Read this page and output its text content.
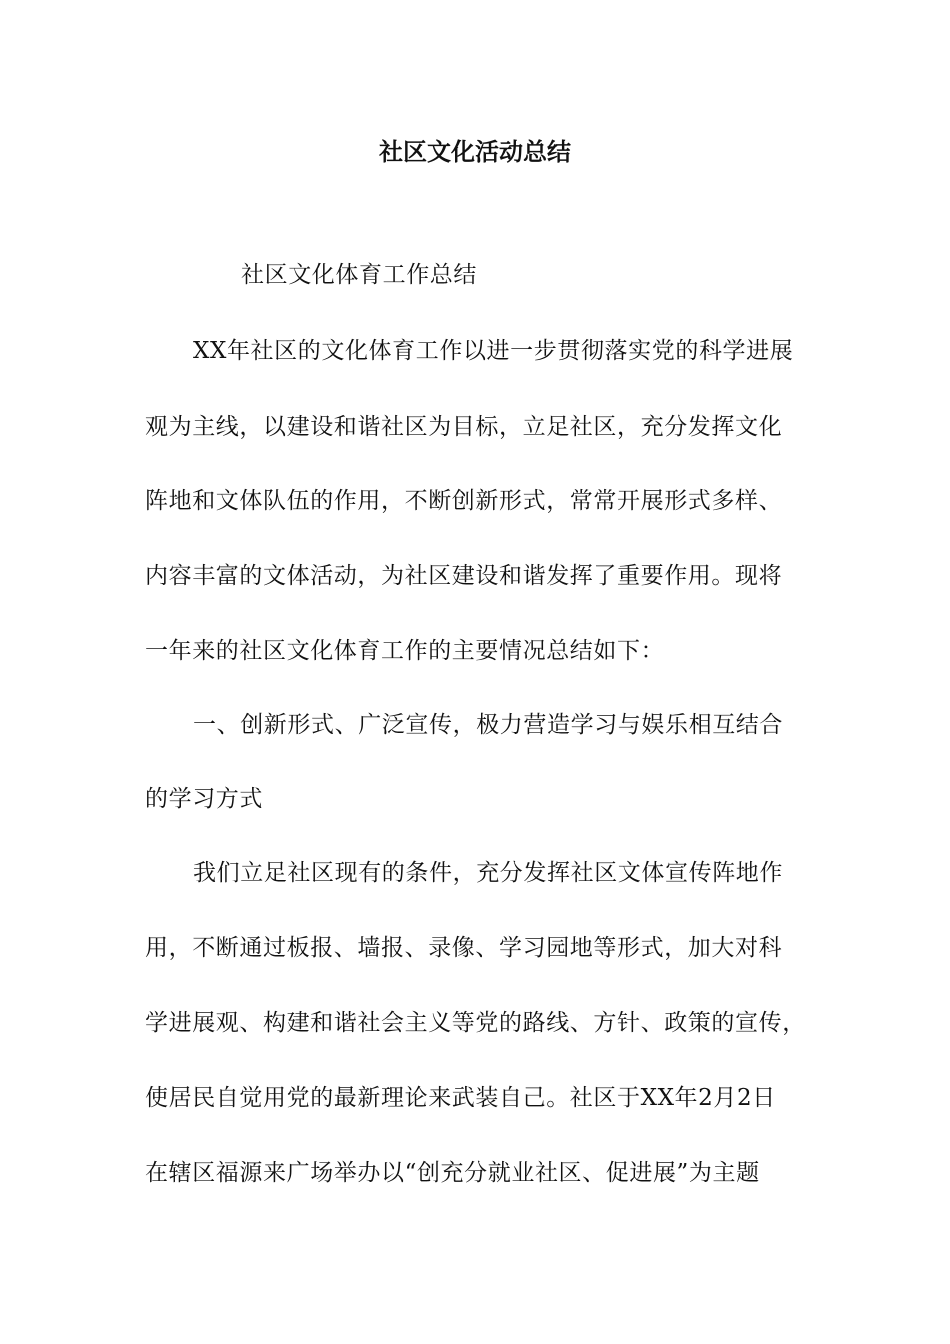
社区文化活动总结
社区文化体育工作总结
XX年社区的文化体育工作以进一步贯彻落实党的科学进展
观为主线，以建设和谐社区为目标，立足社区，充分发挥文化
阵地和文体队伍的作用，不断创新形式，常常开展形式多样、
内容丰富的文体活动，为社区建设和谐发挥了重要作用。现将
一年来的社区文化体育工作的主要情况总结如下：
一、创新形式、广泛宣传，极力营造学习与娱乐相互结合
的学习方式
我们立足社区现有的条件，充分发挥社区文体宣传阵地作
用，不断通过板报、墙报、录像、学习园地等形式，加大对科
学进展观、构建和谐社会主义等党的路线、方针、政策的宣传，
使居民自觉用党的最新理论来武装自己。社区于XX年2月2日
在辖区福源来广场举办以“创充分就业社区、促进展”为主题
